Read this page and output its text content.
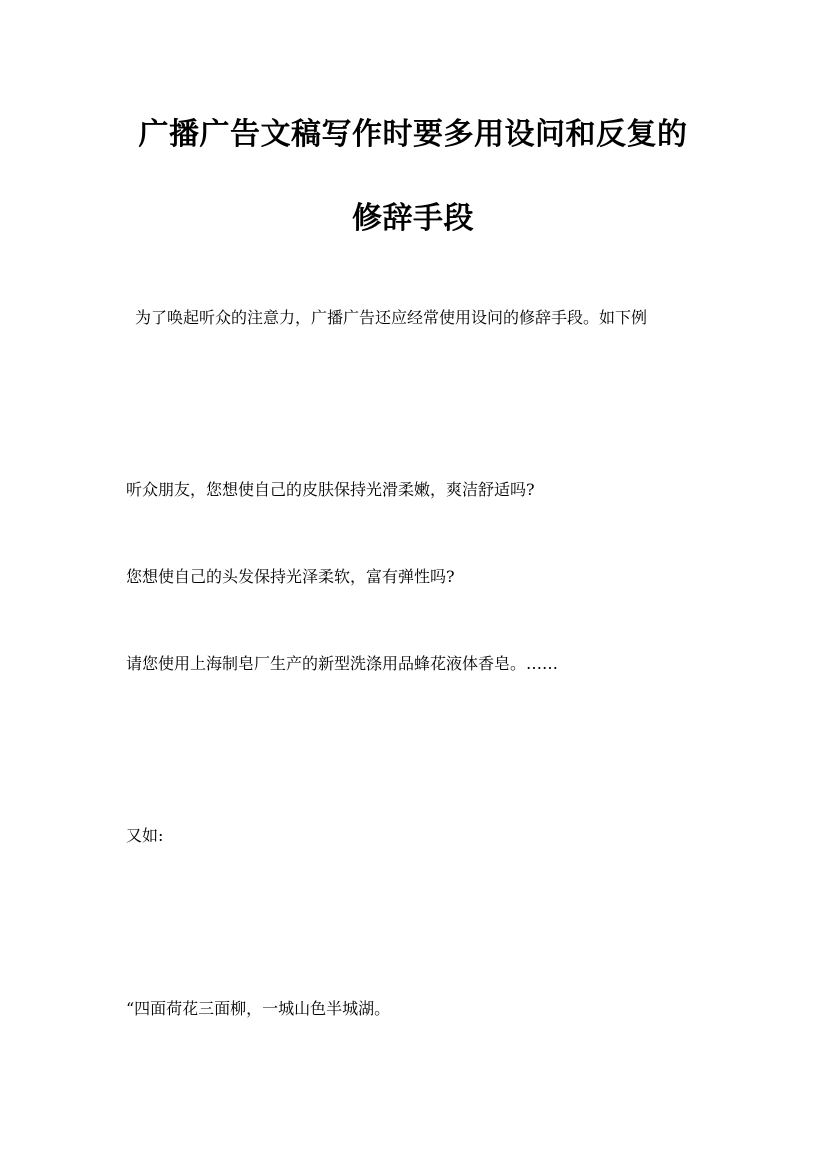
广播广告文稿写作时要多用设问和反复的
修辞手段

为了唤起听众的注意力，广播广告还应经常使用设问的修辞手段。如下例

听众朋友，您想使自己的皮肤保持光滑柔嫩，爽洁舒适吗?

您想使自己的头发保持光泽柔软，富有弹性吗?

请您使用上海制皂厂生产的新型洗涤用品蜂花液体香皂。……

又如:

“四面荷花三面柳，一城山色半城湖。
